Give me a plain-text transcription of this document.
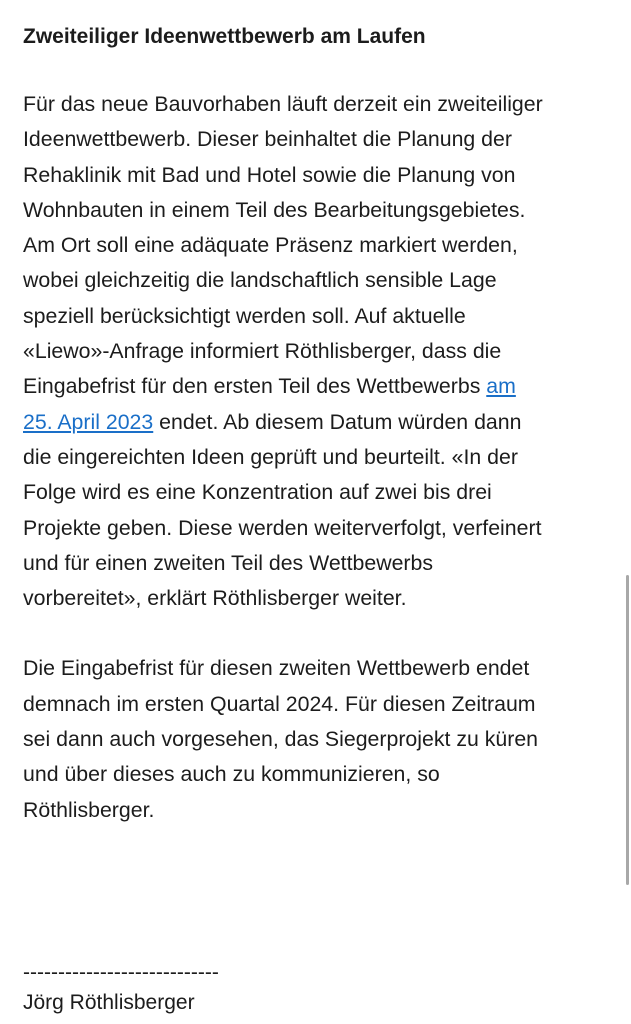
Zweiteiliger Ideenwettbewerb am Laufen

Für das neue Bauvorhaben läuft derzeit ein zweiteiliger
Ideenwettbewerb. Dieser beinhaltet die Planung der
Rehaklinik mit Bad und Hotel sowie die Planung von
Wohnbauten in einem Teil des Bearbeitungsgebietes.
Am Ort soll eine adäquate Präsenz markiert werden,
wobei gleichzeitig die landschaftlich sensible Lage
speziell berücksichtigt werden soll. Auf aktuelle
«Liewo»-Anfrage informiert Röthlisberger, dass die
Eingabefrist für den ersten Teil des Wettbewerbs am
25. April 2023 endet. Ab diesem Datum würden dann
die eingereichten Ideen geprüft und beurteilt. «In der
Folge wird es eine Konzentration auf zwei bis drei
Projekte geben. Diese werden weiterverfolgt, verfeinert
und für einen zweiten Teil des Wettbewerbs
vorbereitet», erklärt Röthlisberger weiter.

Die Eingabefrist für diesen zweiten Wettbewerb endet
demnach im ersten Quartal 2024. Für diesen Zeitraum
sei dann auch vorgesehen, das Siegerprojekt zu küren
und über dieses auch zu kommunizieren, so
Röthlisberger.

----------------------------
Jörg Röthlisberger
